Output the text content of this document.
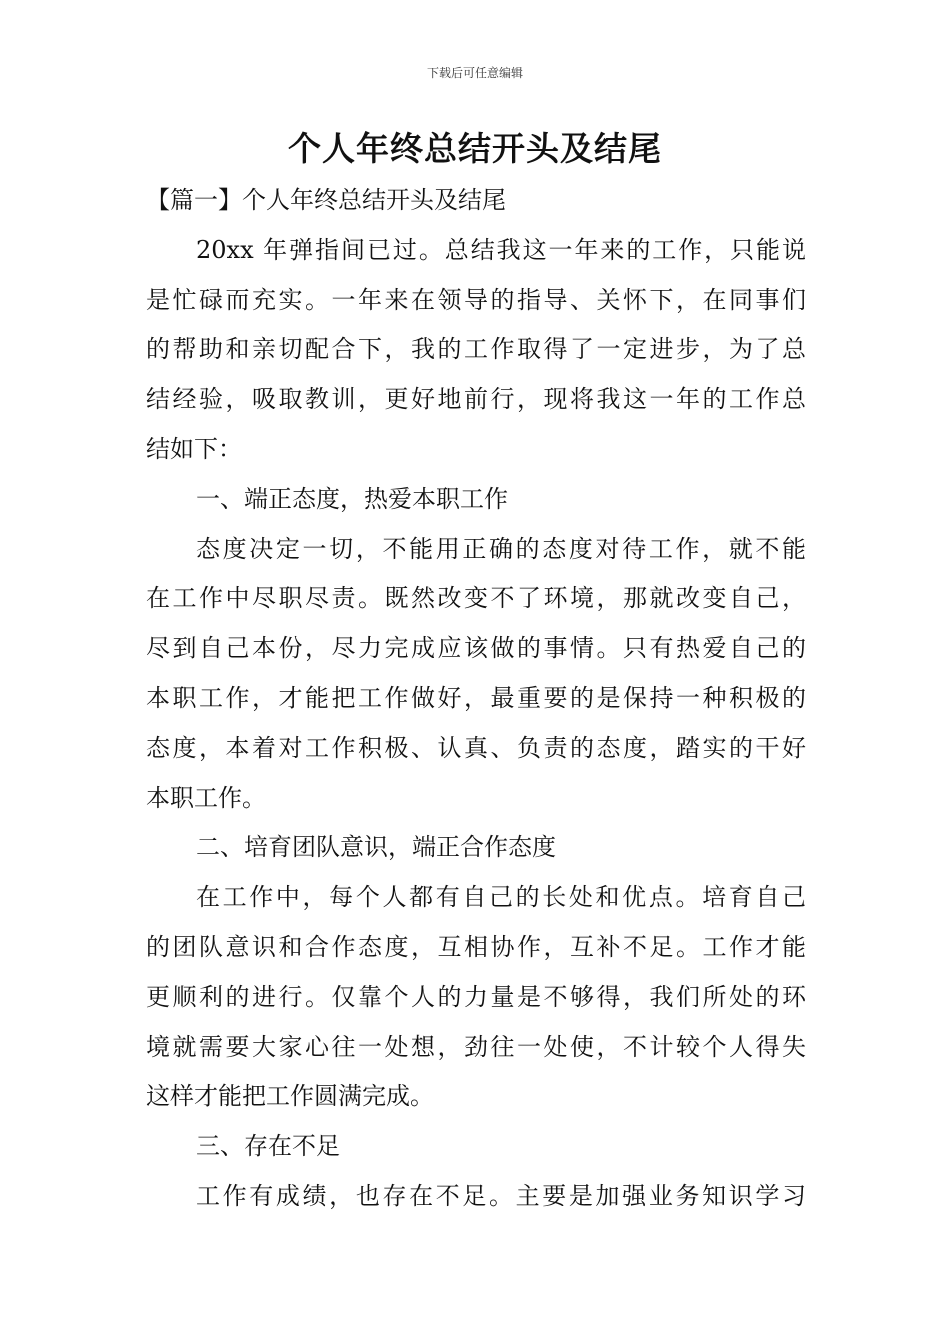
下载后可任意编辑
个人年终总结开头及结尾

【篇一】个人年终总结开头及结尾

20xx 年弹指间已过。总结我这一年来的工作，只能说

是忙碌而充实。一年来在领导的指导、关怀下，在同事们

的帮助和亲切配合下，我的工作取得了一定进步，为了总

结经验，吸取教训，更好地前行，现将我这一年的工作总

结如下：

一、端正态度，热爱本职工作

态度决定一切，不能用正确的态度对待工作，就不能

在工作中尽职尽责。既然改变不了环境，那就改变自己，

尽到自己本份，尽力完成应该做的事情。只有热爱自己的

本职工作，才能把工作做好，最重要的是保持一种积极的

态度，本着对工作积极、认真、负责的态度，踏实的干好

本职工作。

二、培育团队意识，端正合作态度

在工作中，每个人都有自己的长处和优点。培育自己

的团队意识和合作态度，互相协作，互补不足。工作才能

更顺利的进行。仅靠个人的力量是不够得，我们所处的环

境就需要大家心往一处想，劲往一处使，不计较个人得失

这样才能把工作圆满完成。

三、存在不足

工作有成绩，也存在不足。主要是加强业务知识学习
